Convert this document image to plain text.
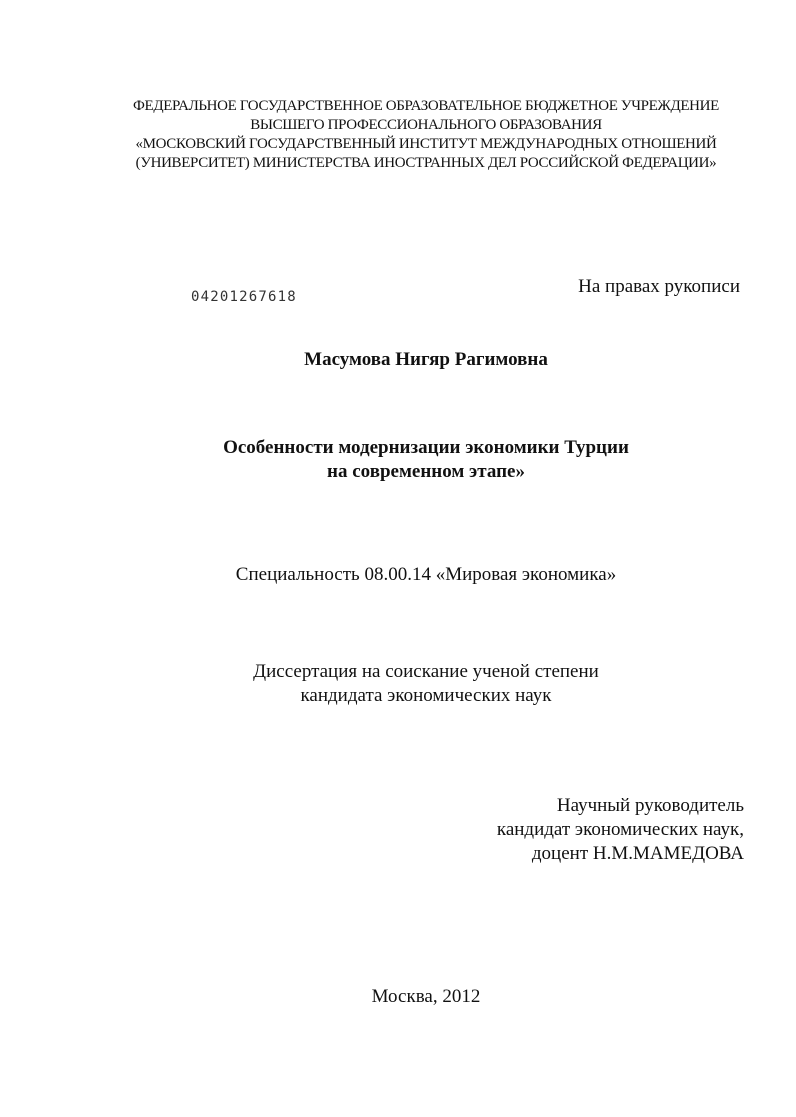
ФЕДЕРАЛЬНОЕ ГОСУДАРСТВЕННОЕ ОБРАЗОВАТЕЛЬНОЕ БЮДЖЕТНОЕ УЧРЕЖДЕНИЕ
ВЫСШЕГО ПРОФЕССИОНАЛЬНОГО ОБРАЗОВАНИЯ
«МОСКОВСКИЙ ГОСУДАРСТВЕННЫЙ ИНСТИТУТ МЕЖДУНАРОДНЫХ ОТНОШЕНИЙ
(УНИВЕРСИТЕТ) МИНИСТЕРСТВА ИНОСТРАННЫХ ДЕЛ РОССИЙСКОЙ ФЕДЕРАЦИИ»
На правах рукописи
04201267618
Масумова Нигяр Рагимовна
Особенности модернизации экономики Турции
на современном этапе»
Специальность 08.00.14 «Мировая экономика»
Диссертация на соискание ученой степени
кандидата экономических наук
Научный руководитель
кандидат экономических наук,
доцент Н.М.МАМЕДОВА
Москва, 2012
